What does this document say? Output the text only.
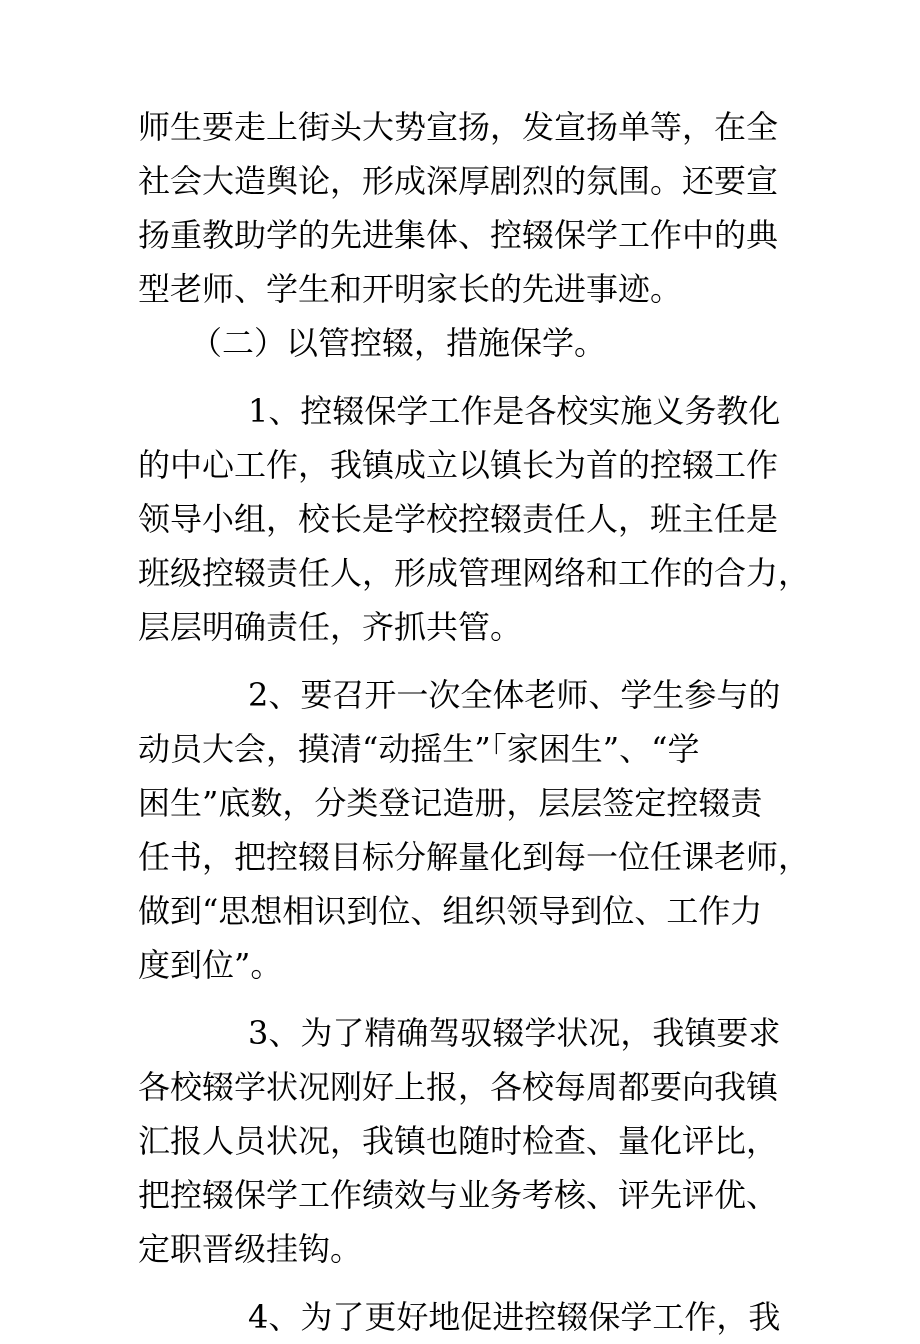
师生要走上街头大势宣扬，发宣扬单等，在全
社会大造舆论，形成深厚剧烈的氛围。还要宣
扬重教助学的先进集体、控辍保学工作中的典
型老师、学生和开明家长的先进事迹。
（二）以管控辍，措施保学。
1、控辍保学工作是各校实施义务教化
的中心工作，我镇成立以镇长为首的控辍工作
领导小组，校长是学校控辍责任人，班主任是
班级控辍责任人，形成管理网络和工作的合力，
层层明确责任，齐抓共管。
2、要召开一次全体老师、学生参与的
动员大会，摸清“动摇生”「家困生”、“学
困生”底数，分类登记造册，层层签定控辍责
任书，把控辍目标分解量化到每一位任课老师，
做到“思想相识到位、组织领导到位、工作力
度到位”。
3、为了精确驾驭辍学状况，我镇要求
各校辍学状况刚好上报，各校每周都要向我镇
汇报人员状况，我镇也随时检查、量化评比，
把控辍保学工作绩效与业务考核、评先评优、
定职晋级挂钩。
4、为了更好地促进控辍保学工作，我
